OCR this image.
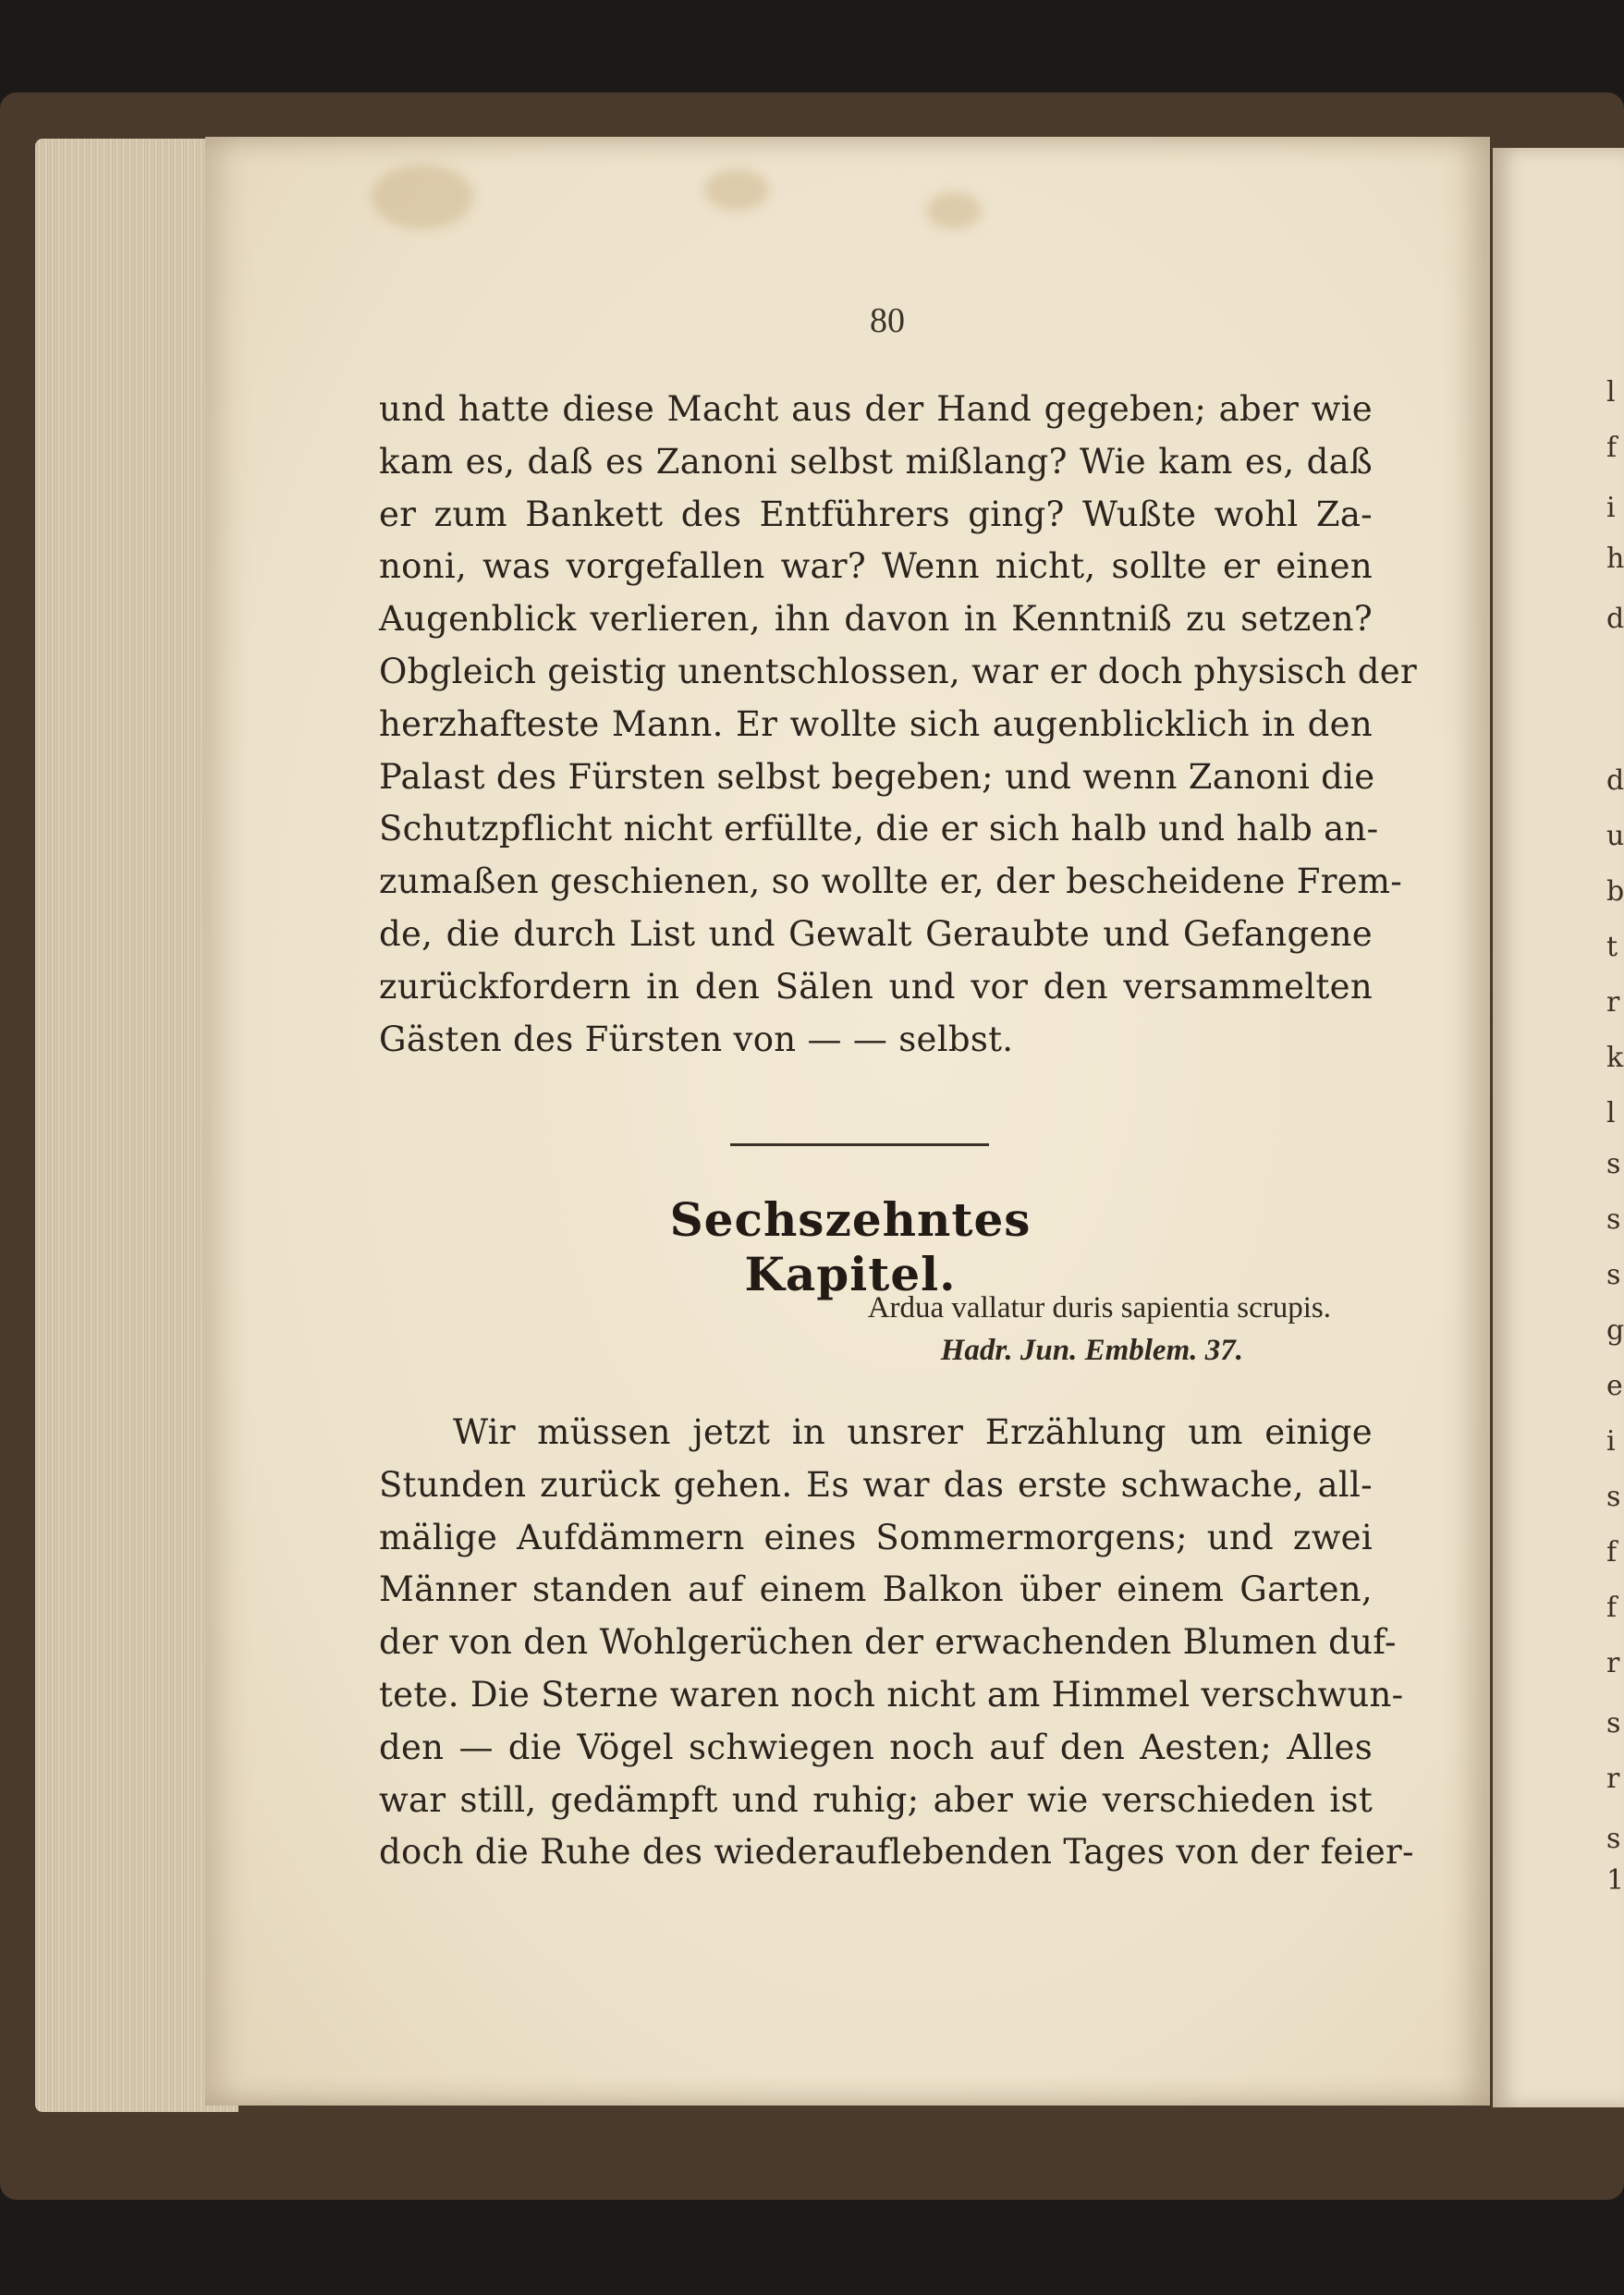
80
und hatte diese Macht aus der Hand gegeben; aber wie
kam es, daß es Zanoni selbst mißlang? Wie kam es, daß
er zum Bankett des Entführers ging? Wußte wohl Za-
noni, was vorgefallen war? Wenn nicht, sollte er einen
Augenblick verlieren, ihn davon in Kenntniß zu setzen?
Obgleich geistig unentschlossen, war er doch physisch der
herzhafteste Mann. Er wollte sich augenblicklich in den
Palast des Fürsten selbst begeben; und wenn Zanoni die
Schutzpflicht nicht erfüllte, die er sich halb und halb an-
zumaßen geschienen, so wollte er, der bescheidene Frem-
de, die durch List und Gewalt Geraubte und Gefangene
zurückfordern in den Sälen und vor den versammelten
Gästen des Fürsten von — — selbst.
Sechszehntes Kapitel.
Ardua vallatur duris sapientia scrupis.
Hadr. Jun. Emblem. 37.
Wir müssen jetzt in unsrer Erzählung um einige
Stunden zurück gehen. Es war das erste schwache, all-
mälige Aufdämmern eines Sommermorgens; und zwei
Männer standen auf einem Balkon über einem Garten,
der von den Wohlgerüchen der erwachenden Blumen duf-
tete. Die Sterne waren noch nicht am Himmel verschwun-
den — die Vögel schwiegen noch auf den Aesten; Alles
war still, gedämpft und ruhig; aber wie verschieden ist
doch die Ruhe des wiederauflebenden Tages von der feier-
l
f
i
h
d
d
u
b
t
r
k
l
s
s
s
g
e
i
s
f
f
r
s
r
s
1
